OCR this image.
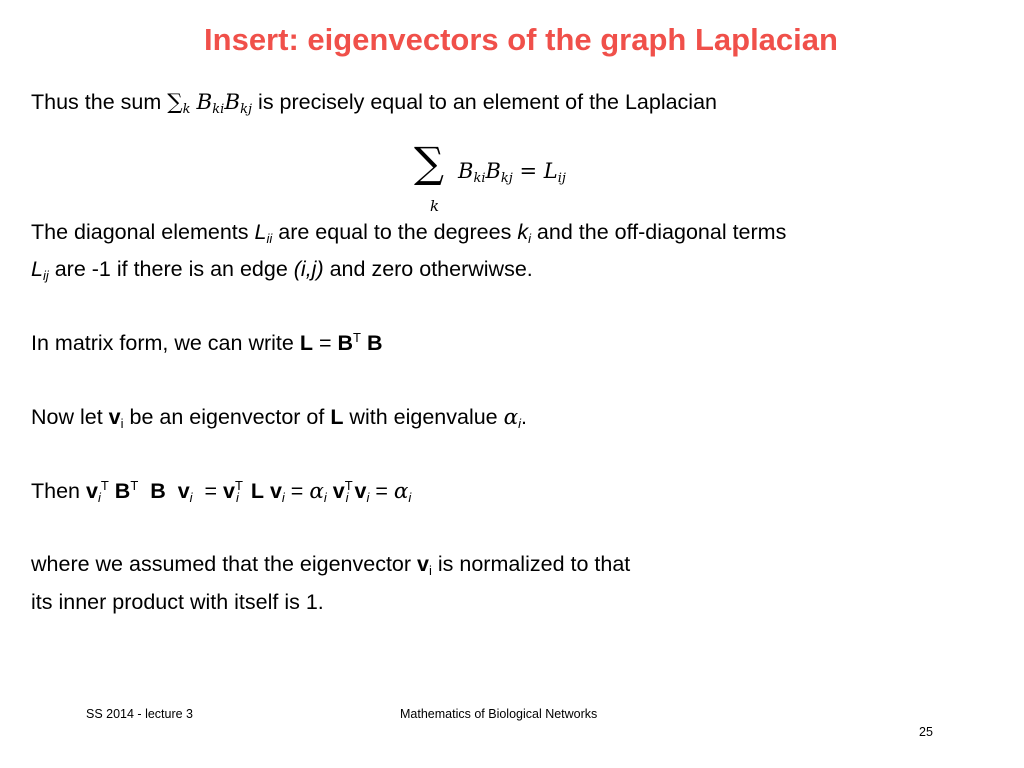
Insert: eigenvectors of the graph Laplacian
Thus the sum $\sum_k$ $B_{ki}B_{kj}$ is precisely equal to an element of the Laplacian
∑
k
$B_{ki}B_{kj} = L_{ij}$
The diagonal elements $L_{ii}$ are equal to the degrees $k_i$ and the off-diagonal terms
$L_{ij}$ are -1 if there is an edge (i,j) and zero otherwiwse.
In matrix form, we can write $L = B^T$ B
Now let $v_i$ be an eigenvector of L with eigenvalue $\alpha_i$.
Then $v_i^T$ $B^T$ B $v_i = v^T_i$ L $v_i = \alpha_i$ $v^T_i$ $v_i = \alpha_i$
where we assumed that the eigenvector $v_i$ is normalized to that
its inner product with itself is 1.
SS 2014 - lecture 3	Mathematics of Biological Networks
25
